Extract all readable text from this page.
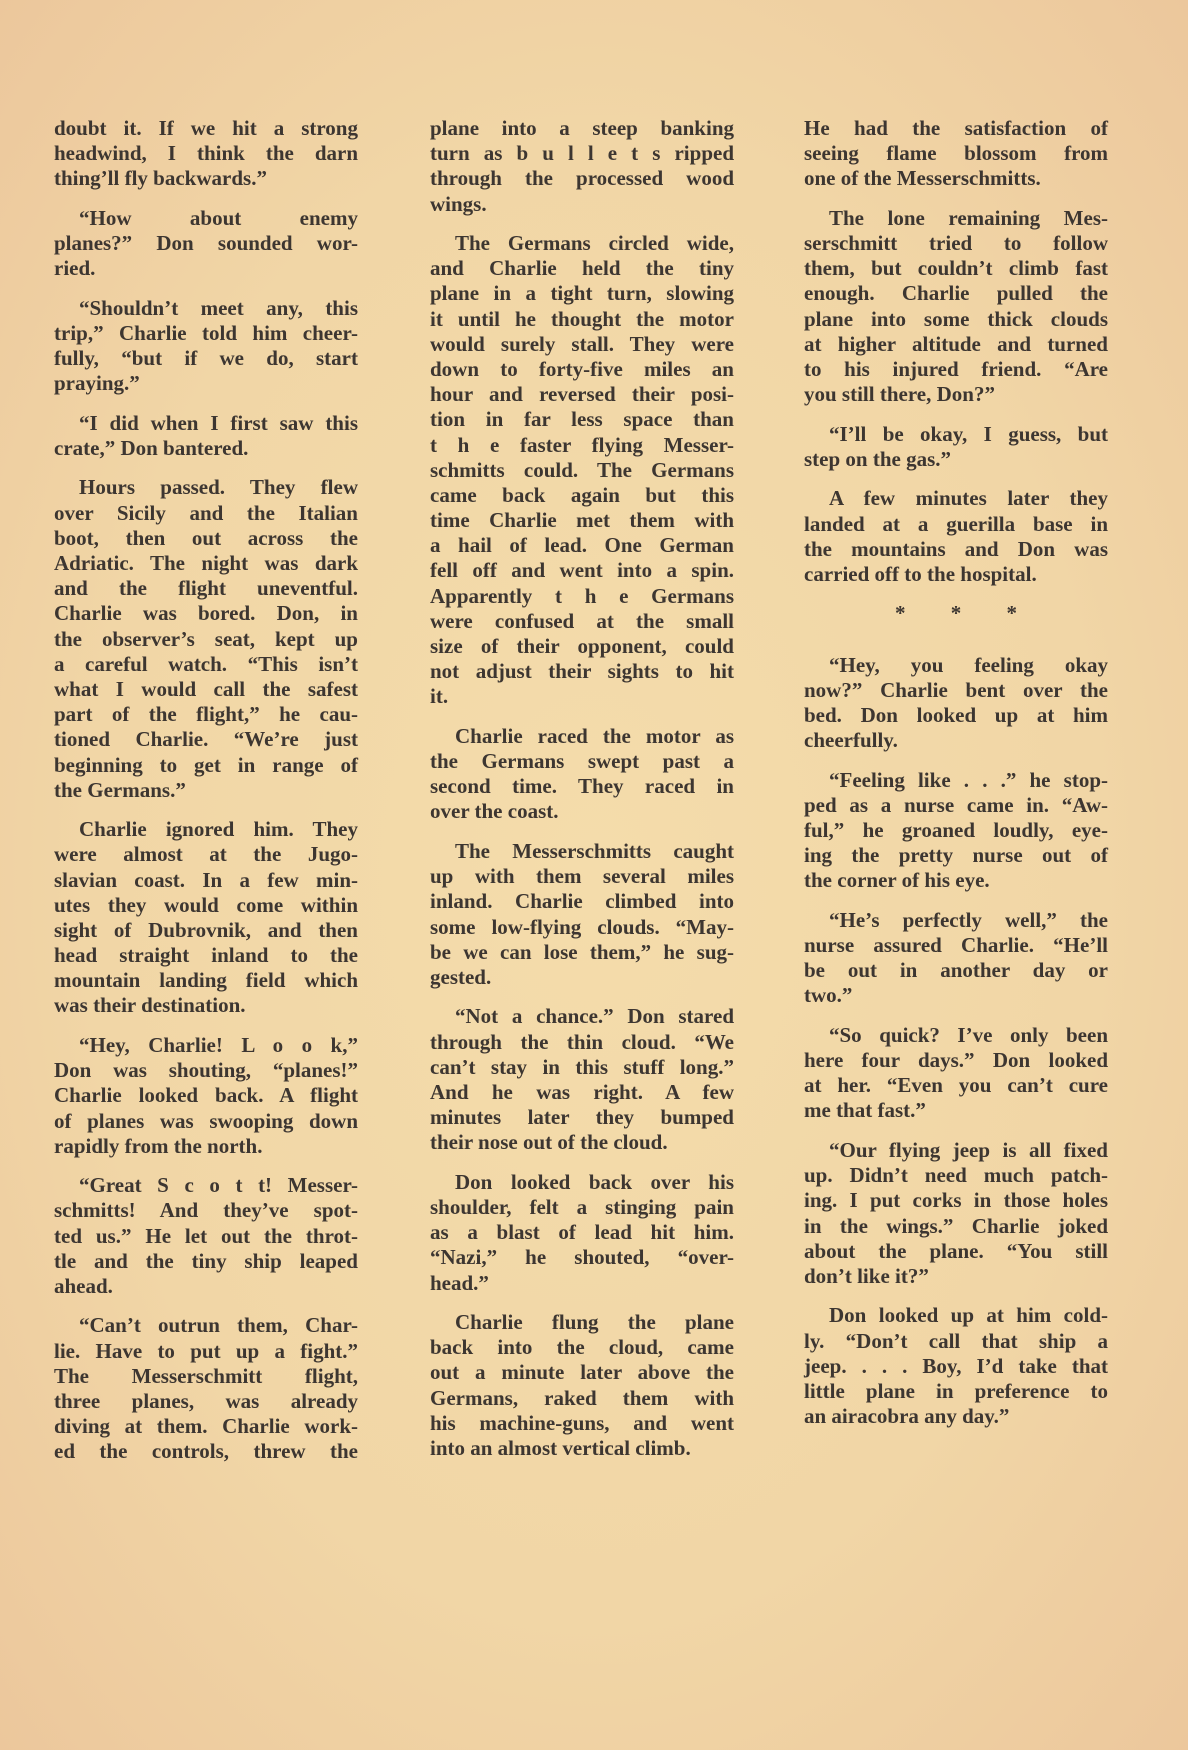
doubt it. If we hit a strong
headwind, I think the darn
thing’ll fly backwards.”
“How about enemy
planes?” Don sounded wor-
ried.
“Shouldn’t meet any, this
trip,” Charlie told him cheer-
fully, “but if we do, start
praying.”
“I did when I first saw this
crate,” Don bantered.
Hours passed. They flew
over Sicily and the Italian
boot, then out across the
Adriatic. The night was dark
and the flight uneventful.
Charlie was bored. Don, in
the observer’s seat, kept up
a careful watch. “This isn’t
what I would call the safest
part of the flight,” he cau-
tioned Charlie. “We’re just
beginning to get in range of
the Germans.”
Charlie ignored him. They
were almost at the Jugo-
slavian coast. In a few min-
utes they would come within
sight of Dubrovnik, and then
head straight inland to the
mountain landing field which
was their destination.
“Hey, Charlie! L o o k,”
Don was shouting, “planes!”
Charlie looked back. A flight
of planes was swooping down
rapidly from the north.
“Great S c o t t! Messer-
schmitts! And they’ve spot-
ted us.” He let out the throt-
tle and the tiny ship leaped
ahead.
“Can’t outrun them, Char-
lie. Have to put up a fight.”
The Messerschmitt flight,
three planes, was already
diving at them. Charlie work-
ed the controls, threw the
plane into a steep banking
turn as b u l l e t s ripped
through the processed wood
wings.
The Germans circled wide,
and Charlie held the tiny
plane in a tight turn, slowing
it until he thought the motor
would surely stall. They were
down to forty-five miles an
hour and reversed their posi-
tion in far less space than
t h e faster flying Messer-
schmitts could. The Germans
came back again but this
time Charlie met them with
a hail of lead. One German
fell off and went into a spin.
Apparently t h e Germans
were confused at the small
size of their opponent, could
not adjust their sights to hit
it.
Charlie raced the motor as
the Germans swept past a
second time. They raced in
over the coast.
The Messerschmitts caught
up with them several miles
inland. Charlie climbed into
some low-flying clouds. “May-
be we can lose them,” he sug-
gested.
“Not a chance.” Don stared
through the thin cloud. “We
can’t stay in this stuff long.”
And he was right. A few
minutes later they bumped
their nose out of the cloud.
Don looked back over his
shoulder, felt a stinging pain
as a blast of lead hit him.
“Nazi,” he shouted, “over-
head.”
Charlie flung the plane
back into the cloud, came
out a minute later above the
Germans, raked them with
his machine-guns, and went
into an almost vertical climb.
He had the satisfaction of
seeing flame blossom from
one of the Messerschmitts.
The lone remaining Mes-
serschmitt tried to follow
them, but couldn’t climb fast
enough. Charlie pulled the
plane into some thick clouds
at higher altitude and turned
to his injured friend. “Are
you still there, Don?”
“I’ll be okay, I guess, but
step on the gas.”
A few minutes later they
landed at a guerilla base in
the mountains and Don was
carried off to the hospital.
* * *
“Hey, you feeling okay
now?” Charlie bent over the
bed. Don looked up at him
cheerfully.
“Feeling like . . .” he stop-
ped as a nurse came in. “Aw-
ful,” he groaned loudly, eye-
ing the pretty nurse out of
the corner of his eye.
“He’s perfectly well,” the
nurse assured Charlie. “He’ll
be out in another day or
two.”
“So quick? I’ve only been
here four days.” Don looked
at her. “Even you can’t cure
me that fast.”
“Our flying jeep is all fixed
up. Didn’t need much patch-
ing. I put corks in those holes
in the wings.” Charlie joked
about the plane. “You still
don’t like it?”
Don looked up at him cold-
ly. “Don’t call that ship a
jeep. . . . Boy, I’d take that
little plane in preference to
an airacobra any day.”
